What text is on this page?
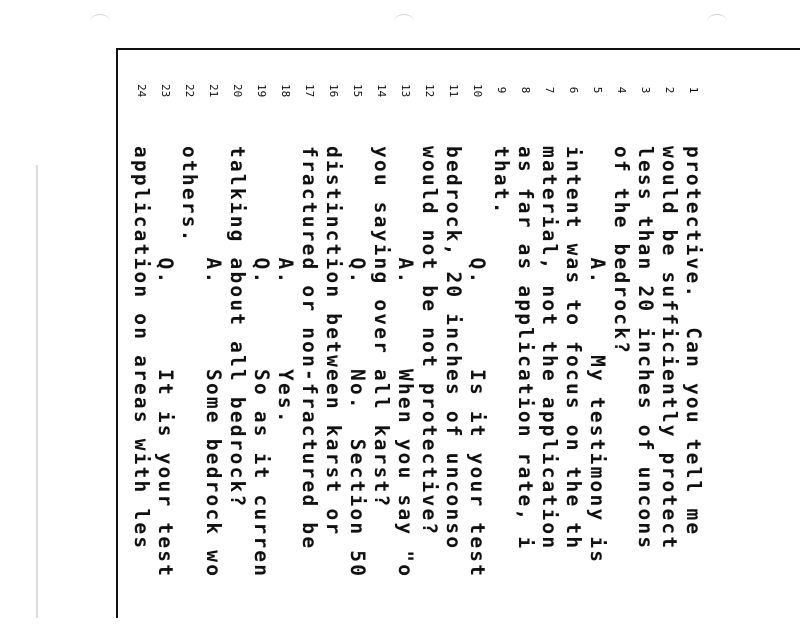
1
protective.  Can you tell me
2
would be sufficiently protect
3
less than 20 inches of uncons
4
of the bedrock?
5
A.     My testimony is
6
intent was to focus on the th
7
material, not the application
8
as far as application rate, i
9
that.
10
Q.      Is it your test
11
bedrock, 20 inches of unconso
12
would not be not protective?
13
A.      When you say "o
14
you saying over all karst?
15
Q.      No.  Section 50
16
distinction between karst or
17
fractured or non-fractured be
18
A.      Yes.
19
Q.      So as it curren
20
talking about all bedrock?
21
A.      Some bedrock wo
22
others.
23
Q.      It is your test
24
application on areas with les
